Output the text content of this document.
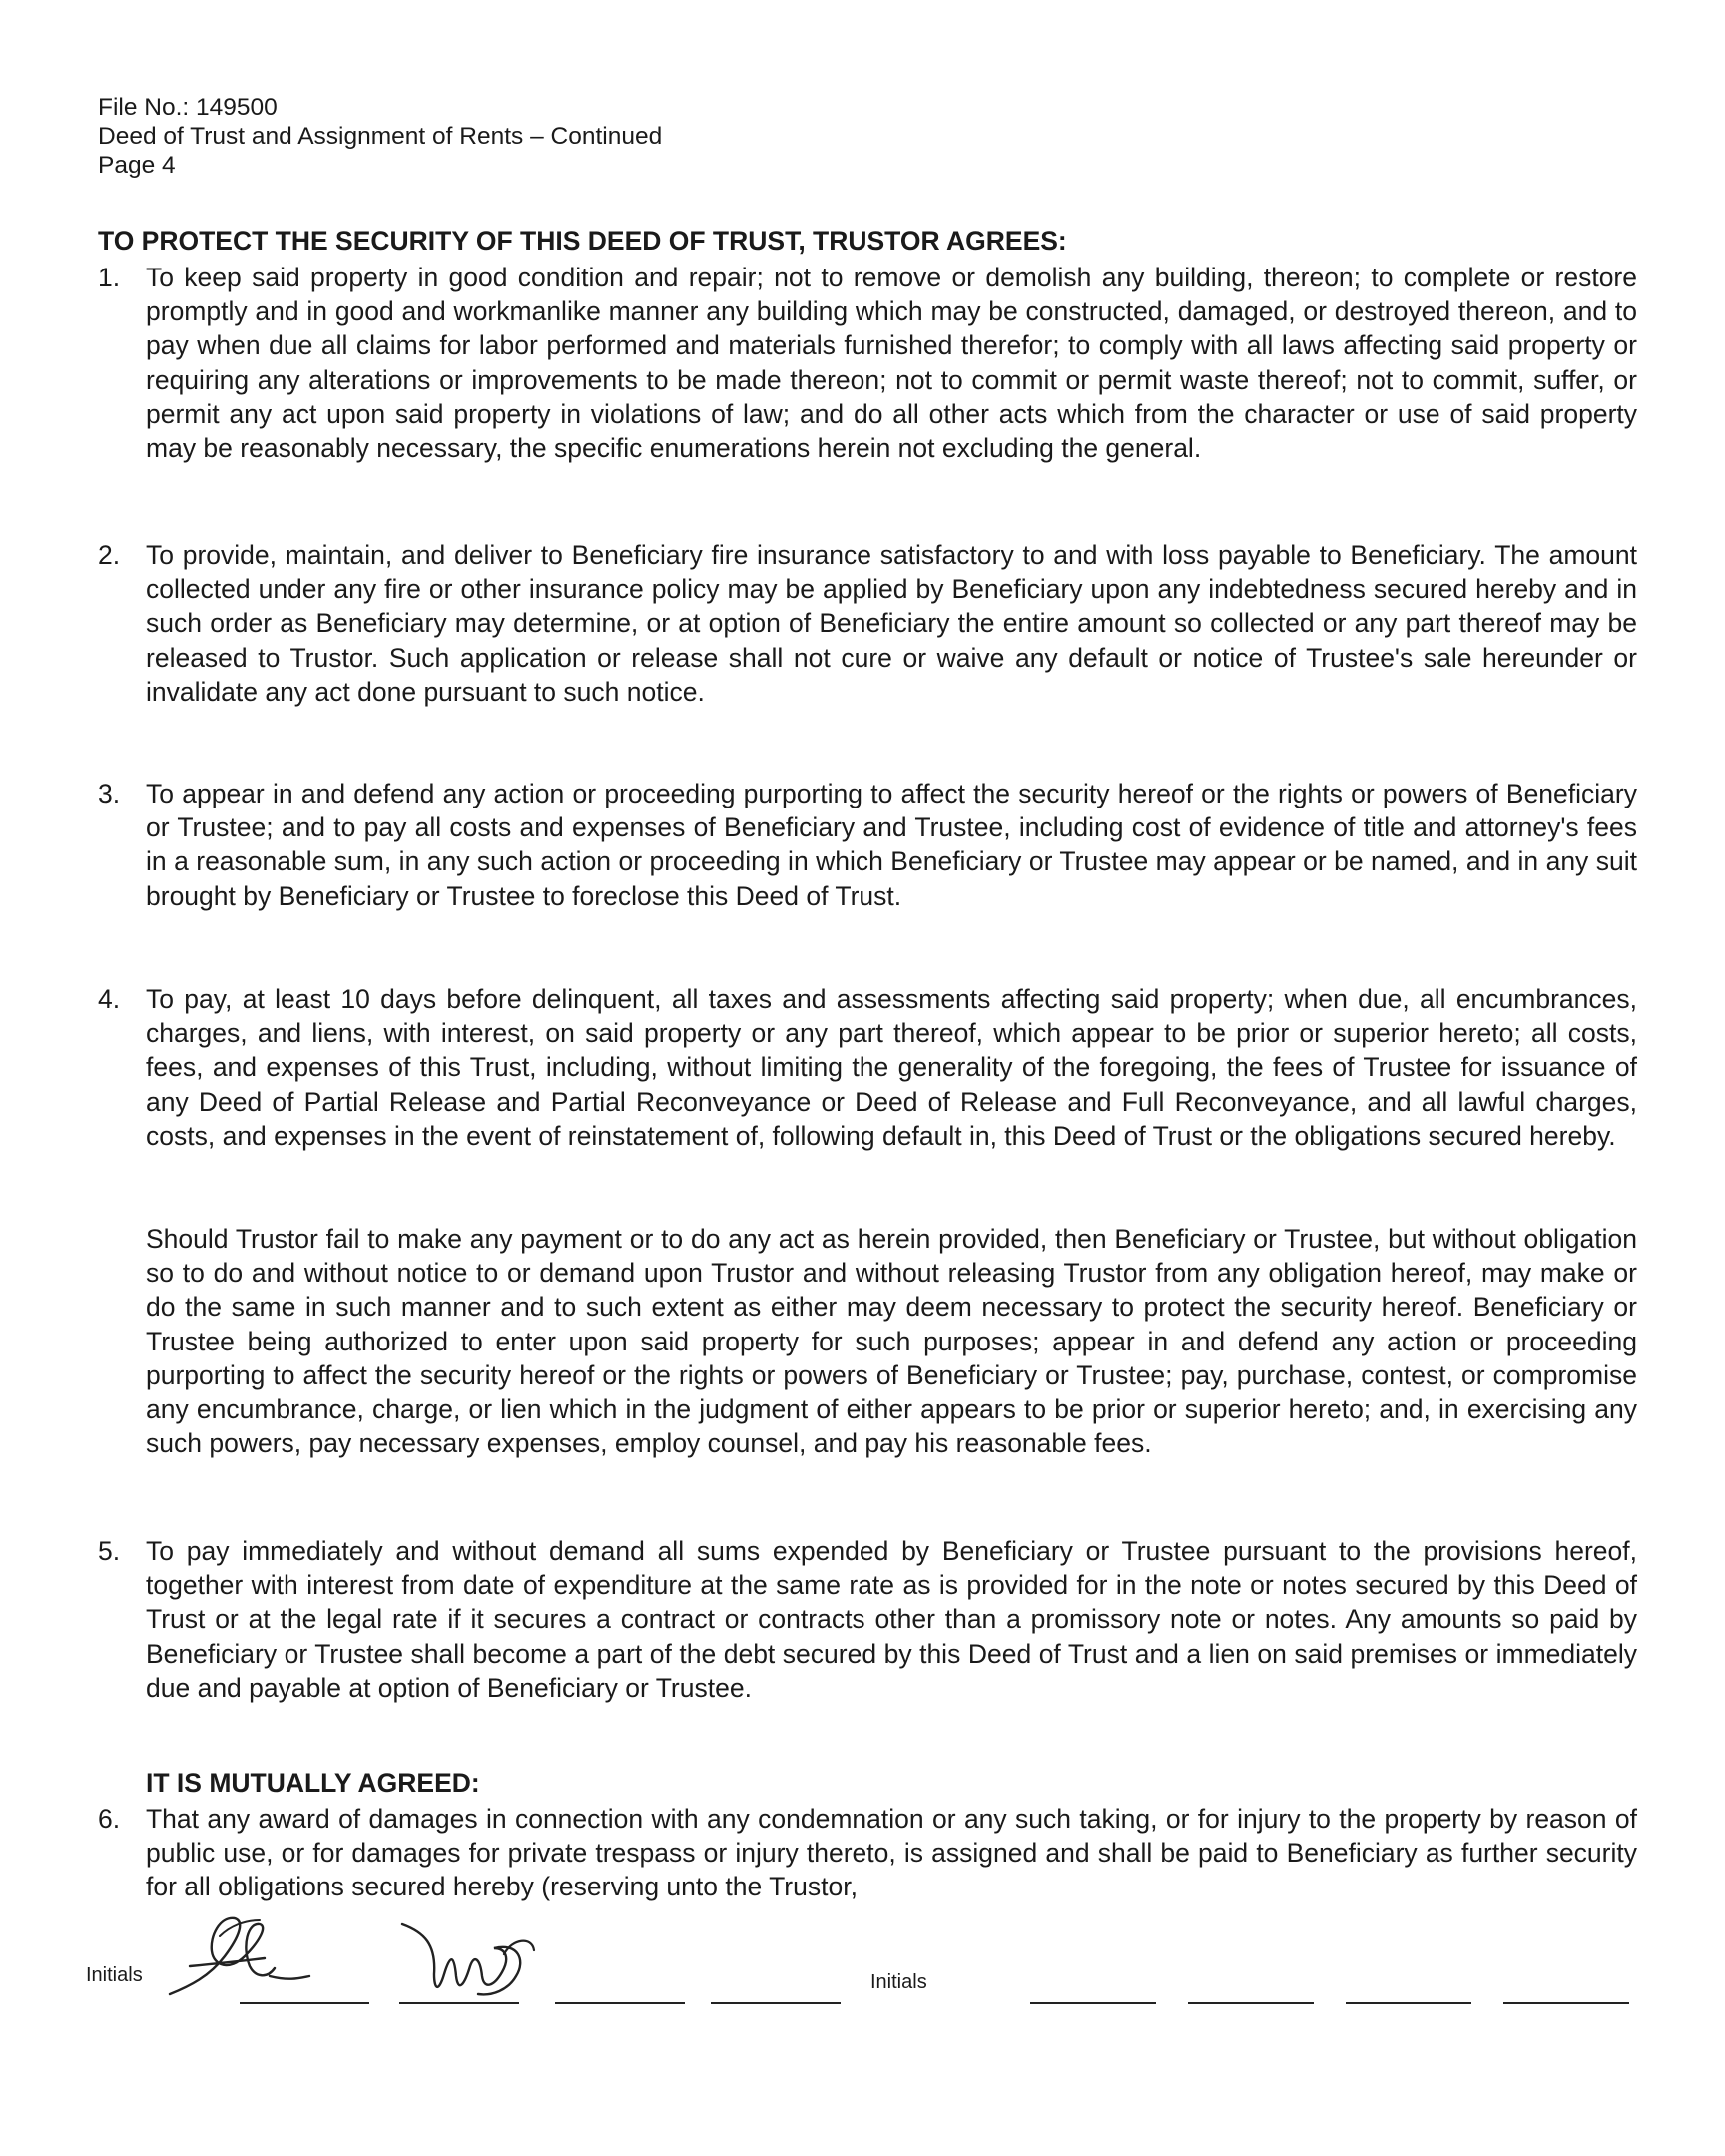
File No.: 149500
Deed of Trust and Assignment of Rents – Continued
Page 4
TO PROTECT THE SECURITY OF THIS DEED OF TRUST, TRUSTOR AGREES:
1. To keep said property in good condition and repair; not to remove or demolish any building, thereon; to complete or restore promptly and in good and workmanlike manner any building which may be constructed, damaged, or destroyed thereon, and to pay when due all claims for labor performed and materials furnished therefor; to comply with all laws affecting said property or requiring any alterations or improvements to be made thereon; not to commit or permit waste thereof; not to commit, suffer, or permit any act upon said property in violations of law; and do all other acts which from the character or use of said property may be reasonably necessary, the specific enumerations herein not excluding the general.
2. To provide, maintain, and deliver to Beneficiary fire insurance satisfactory to and with loss payable to Beneficiary. The amount collected under any fire or other insurance policy may be applied by Beneficiary upon any indebtedness secured hereby and in such order as Beneficiary may determine, or at option of Beneficiary the entire amount so collected or any part thereof may be released to Trustor. Such application or release shall not cure or waive any default or notice of Trustee's sale hereunder or invalidate any act done pursuant to such notice.
3. To appear in and defend any action or proceeding purporting to affect the security hereof or the rights or powers of Beneficiary or Trustee; and to pay all costs and expenses of Beneficiary and Trustee, including cost of evidence of title and attorney's fees in a reasonable sum, in any such action or proceeding in which Beneficiary or Trustee may appear or be named, and in any suit brought by Beneficiary or Trustee to foreclose this Deed of Trust.
4. To pay, at least 10 days before delinquent, all taxes and assessments affecting said property; when due, all encumbrances, charges, and liens, with interest, on said property or any part thereof, which appear to be prior or superior hereto; all costs, fees, and expenses of this Trust, including, without limiting the generality of the foregoing, the fees of Trustee for issuance of any Deed of Partial Release and Partial Reconveyance or Deed of Release and Full Reconveyance, and all lawful charges, costs, and expenses in the event of reinstatement of, following default in, this Deed of Trust or the obligations secured hereby.
Should Trustor fail to make any payment or to do any act as herein provided, then Beneficiary or Trustee, but without obligation so to do and without notice to or demand upon Trustor and without releasing Trustor from any obligation hereof, may make or do the same in such manner and to such extent as either may deem necessary to protect the security hereof. Beneficiary or Trustee being authorized to enter upon said property for such purposes; appear in and defend any action or proceeding purporting to affect the security hereof or the rights or powers of Beneficiary or Trustee; pay, purchase, contest, or compromise any encumbrance, charge, or lien which in the judgment of either appears to be prior or superior hereto; and, in exercising any such powers, pay necessary expenses, employ counsel, and pay his reasonable fees.
5. To pay immediately and without demand all sums expended by Beneficiary or Trustee pursuant to the provisions hereof, together with interest from date of expenditure at the same rate as is provided for in the note or notes secured by this Deed of Trust or at the legal rate if it secures a contract or contracts other than a promissory note or notes. Any amounts so paid by Beneficiary or Trustee shall become a part of the debt secured by this Deed of Trust and a lien on said premises or immediately due and payable at option of Beneficiary or Trustee.
IT IS MUTUALLY AGREED:
6. That any award of damages in connection with any condemnation or any such taking, or for injury to the property by reason of public use, or for damages for private trespass or injury thereto, is assigned and shall be paid to Beneficiary as further security for all obligations secured hereby (reserving unto the Trustor,
Initials	Initials
